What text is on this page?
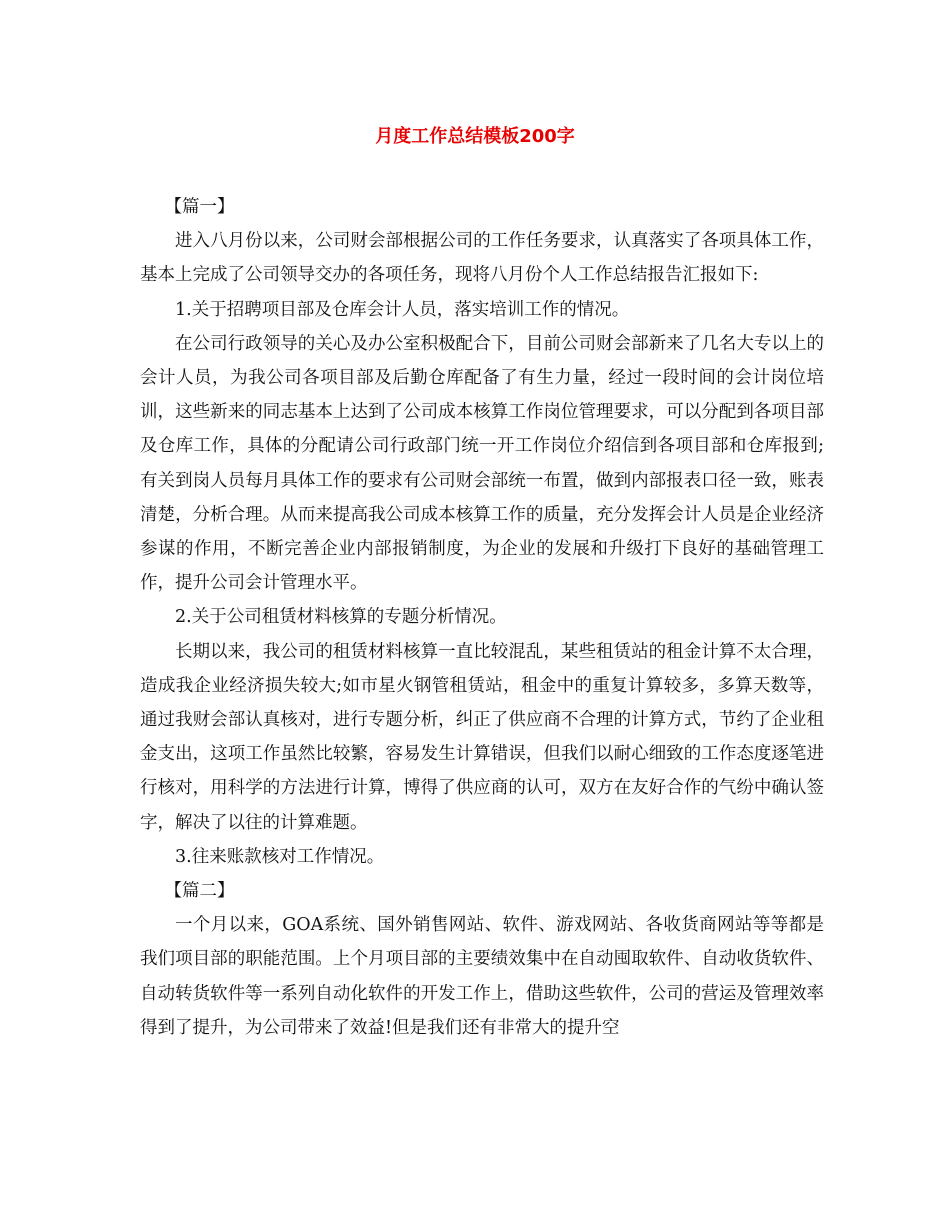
月度工作总结模板200字

【篇一】

进入八月份以来，公司财会部根据公司的工作任务要求，认真落实了各项具体工作，基本上完成了公司领导交办的各项任务，现将八月份个人工作总结报告汇报如下:

1.关于招聘项目部及仓库会计人员，落实培训工作的情况。

在公司行政领导的关心及办公室积极配合下，目前公司财会部新来了几名大专以上的会计人员，为我公司各项目部及后勤仓库配备了有生力量，经过一段时间的会计岗位培训，这些新来的同志基本上达到了公司成本核算工作岗位管理要求，可以分配到各项目部及仓库工作，具体的分配请公司行政部门统一开工作岗位介绍信到各项目部和仓库报到;有关到岗人员每月具体工作的要求有公司财会部统一布置，做到内部报表口径一致，账表清楚，分析合理。从而来提高我公司成本核算工作的质量，充分发挥会计人员是企业经济参谋的作用，不断完善企业内部报销制度，为企业的发展和升级打下良好的基础管理工作，提升公司会计管理水平。

2.关于公司租赁材料核算的专题分析情况。

长期以来，我公司的租赁材料核算一直比较混乱，某些租赁站的租金计算不太合理，造成我企业经济损失较大;如市星火钢管租赁站，租金中的重复计算较多，多算天数等，通过我财会部认真核对，进行专题分析，纠正了供应商不合理的计算方式，节约了企业租金支出，这项工作虽然比较繁，容易发生计算错误，但我们以耐心细致的工作态度逐笔进行核对，用科学的方法进行计算，博得了供应商的认可，双方在友好合作的气纷中确认签字，解决了以往的计算难题。

3.往来账款核对工作情况。

【篇二】

一个月以来，GOA系统、国外销售网站、软件、游戏网站、各收货商网站等等都是我们项目部的职能范围。上个月项目部的主要绩效集中在自动囤取软件、自动收货软件、自动转货软件等一系列自动化软件的开发工作上，借助这些软件，公司的营运及管理效率得到了提升，为公司带来了效益!但是我们还有非常大的提升空
